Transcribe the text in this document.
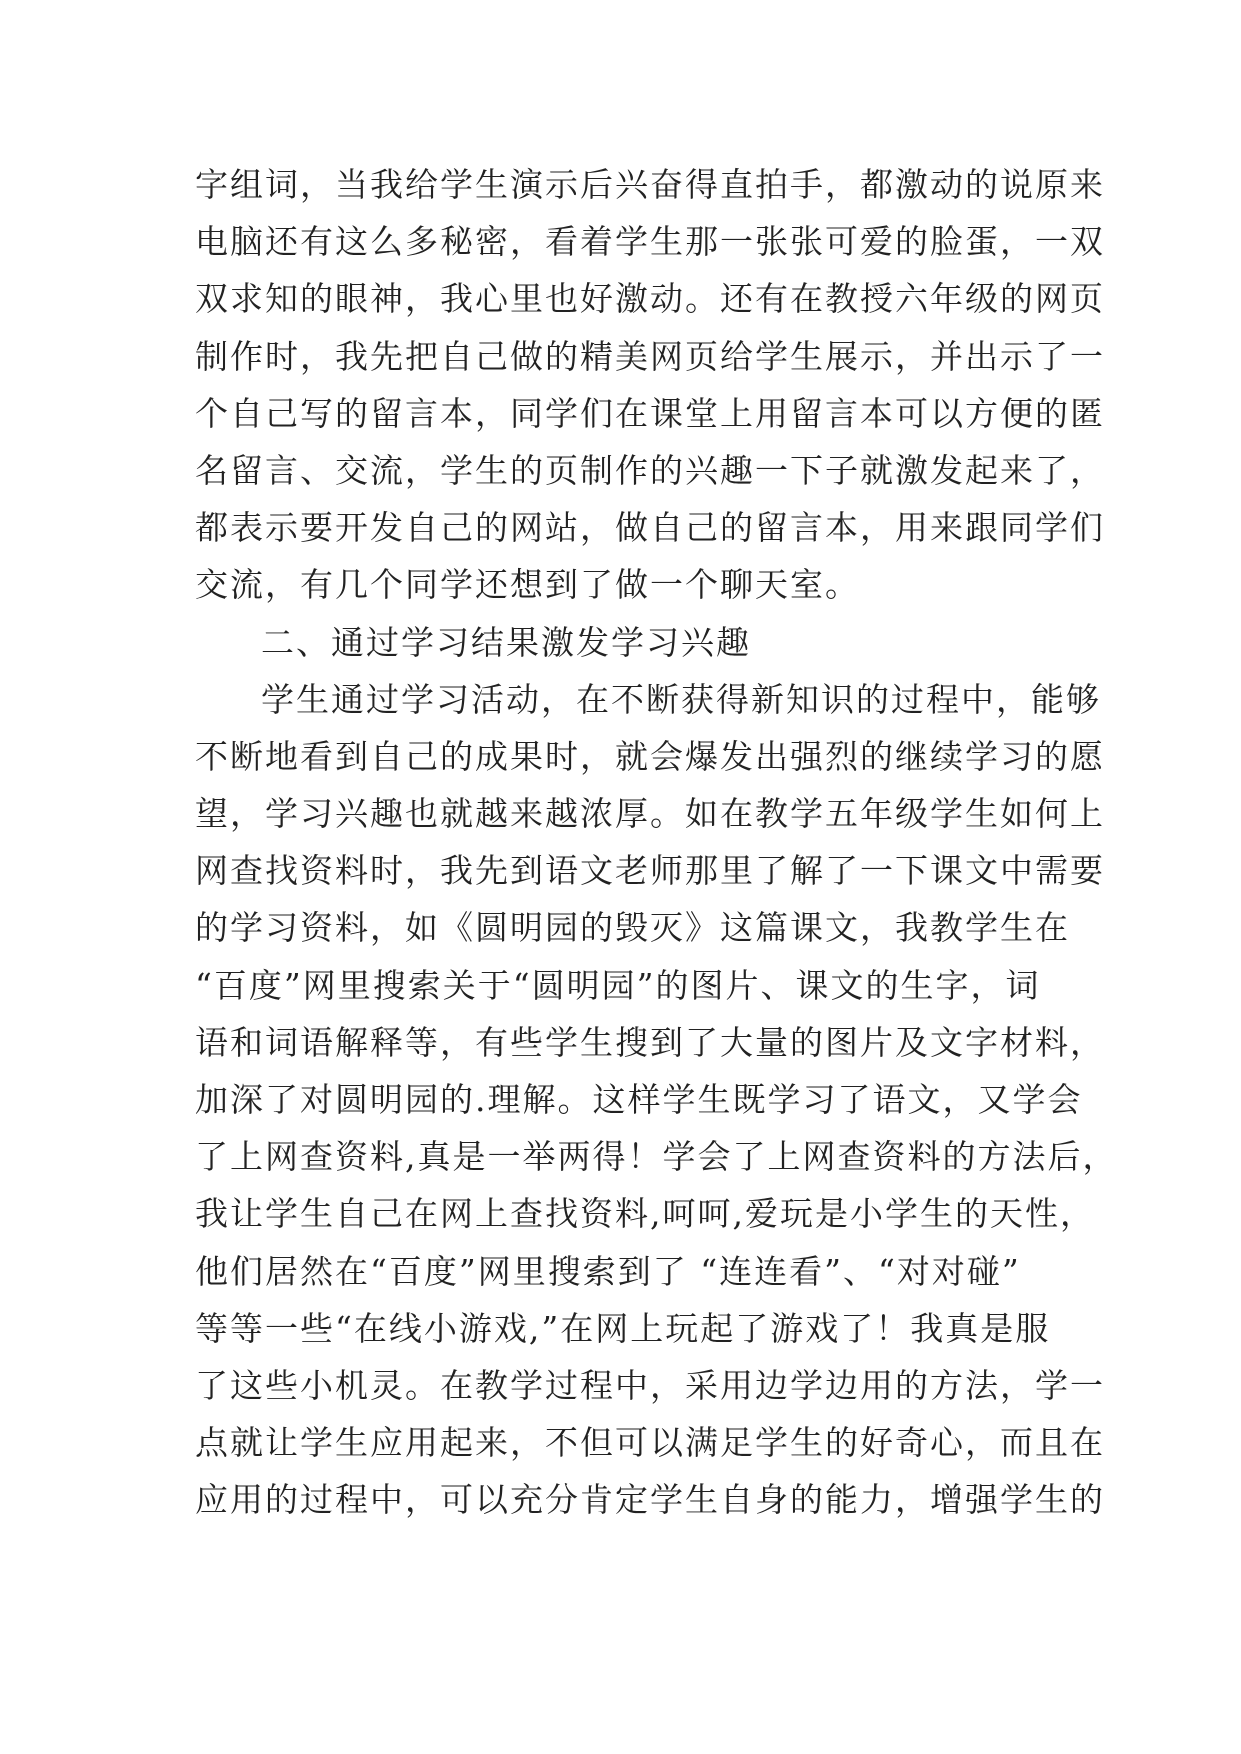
字组词，当我给学生演示后兴奋得直拍手，都激动的说原来
电脑还有这么多秘密，看着学生那一张张可爱的脸蛋，一双
双求知的眼神，我心里也好激动。还有在教授六年级的网页
制作时，我先把自己做的精美网页给学生展示，并出示了一
个自己写的留言本，同学们在课堂上用留言本可以方便的匿
名留言、交流，学生的页制作的兴趣一下子就激发起来了，
都表示要开发自己的网站，做自己的留言本，用来跟同学们
交流，有几个同学还想到了做一个聊天室。
二、通过学习结果激发学习兴趣
学生通过学习活动，在不断获得新知识的过程中，能够
不断地看到自己的成果时，就会爆发出强烈的继续学习的愿
望，学习兴趣也就越来越浓厚。如在教学五年级学生如何上
网查找资料时，我先到语文老师那里了解了一下课文中需要
的学习资料，如《圆明园的毁灭》这篇课文，我教学生在
“百度”网里搜索关于“圆明园”的图片、课文的生字，词
语和词语解释等，有些学生搜到了大量的图片及文字材料，
加深了对圆明园的.理解。这样学生既学习了语文，又学会
了上网查资料,真是一举两得！学会了上网查资料的方法后，
我让学生自己在网上查找资料,呵呵,爱玩是小学生的天性，
他们居然在“百度”网里搜索到了 “连连看”、“对对碰”
等等一些“在线小游戏,”在网上玩起了游戏了！我真是服
了这些小机灵。在教学过程中，采用边学边用的方法，学一
点就让学生应用起来，不但可以满足学生的好奇心，而且在
应用的过程中，可以充分肯定学生自身的能力，增强学生的
